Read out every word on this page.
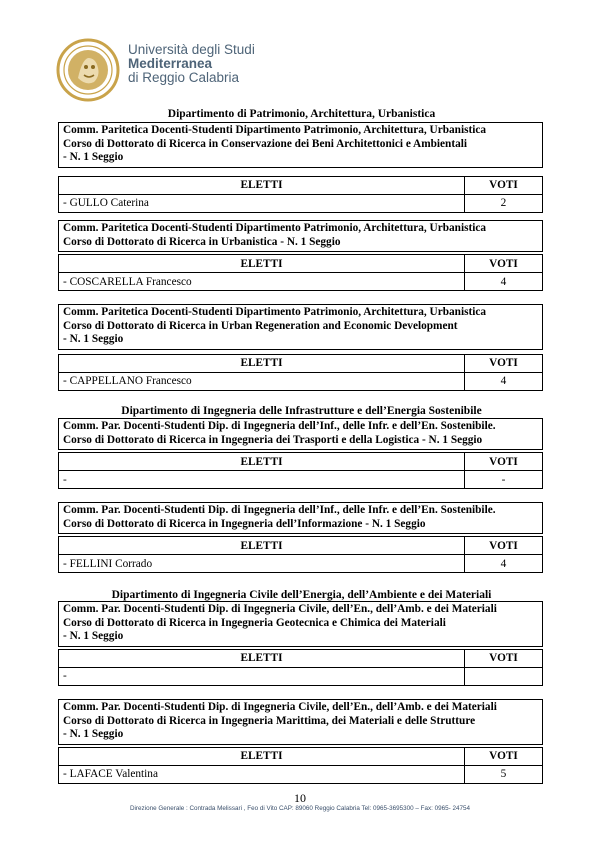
Università degli Studi
Mediterranea
di Reggio Calabria
Dipartimento di Patrimonio, Architettura, Urbanistica
Comm. Paritetica Docenti-Studenti Dipartimento Patrimonio, Architettura, Urbanistica
Corso di Dottorato di Ricerca in Conservazione dei Beni Architettonici e Ambientali
- N. 1 Seggio
ELETTI	VOTI
- GULLO Caterina	2
Comm. Paritetica Docenti-Studenti Dipartimento Patrimonio, Architettura, Urbanistica
Corso di Dottorato di Ricerca in Urbanistica - N. 1 Seggio
ELETTI	VOTI
- COSCARELLA Francesco	4
Comm. Paritetica Docenti-Studenti Dipartimento Patrimonio, Architettura, Urbanistica
Corso di Dottorato di Ricerca in Urban Regeneration and Economic Development
- N. 1 Seggio
ELETTI	VOTI
- CAPPELLANO Francesco	4
Dipartimento di Ingegneria delle Infrastrutture e dell’Energia Sostenibile
Comm. Par. Docenti-Studenti Dip. di Ingegneria dell’Inf., delle Infr. e dell’En. Sostenibile.
Corso di Dottorato di Ricerca in Ingegneria dei Trasporti e della Logistica - N. 1 Seggio
ELETTI	VOTI
-	-
Comm. Par. Docenti-Studenti Dip. di Ingegneria dell’Inf., delle Infr. e dell’En. Sostenibile.
Corso di Dottorato di Ricerca in Ingegneria dell’Informazione - N. 1 Seggio
ELETTI	VOTI
- FELLINI Corrado	4
Dipartimento di Ingegneria Civile dell’Energia, dell’Ambiente e dei Materiali
Comm. Par. Docenti-Studenti Dip. di Ingegneria Civile, dell’En., dell’Amb. e dei Materiali
Corso di Dottorato di Ricerca in Ingegneria Geotecnica e Chimica dei Materiali
- N. 1 Seggio
ELETTI	VOTI
-	
Comm. Par. Docenti-Studenti Dip. di Ingegneria Civile, dell’En., dell’Amb. e dei Materiali
Corso di Dottorato di Ricerca in Ingegneria Marittima, dei Materiali e delle Strutture
- N. 1 Seggio
ELETTI	VOTI
- LAFACE Valentina	5
10
Direzione Generale : Contrada Melissari , Feo di Vito CAP: 89060 Reggio Calabria Tel: 0965-3695300 – Fax: 0965- 24754
